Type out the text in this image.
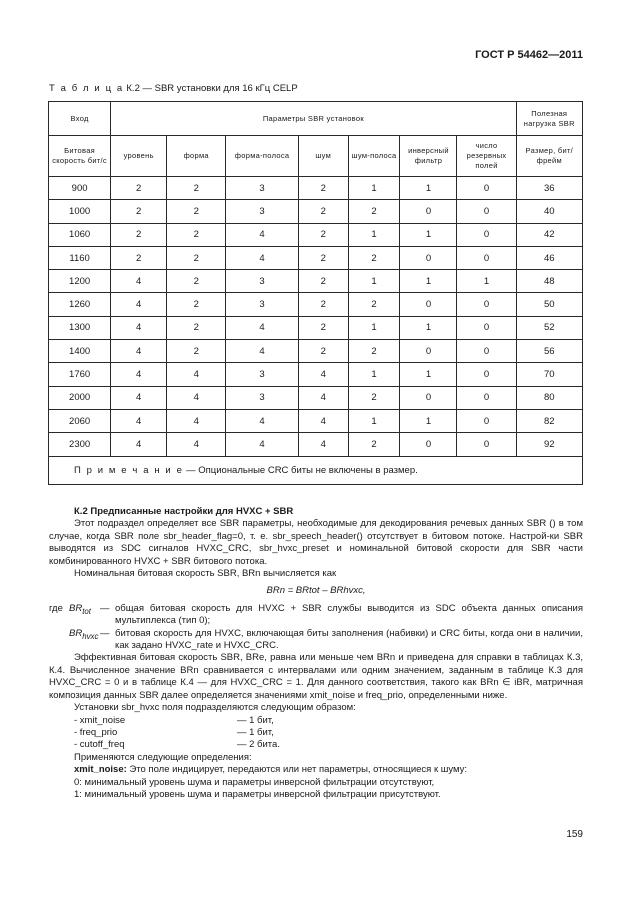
ГОСТ Р 54462—2011
Т а б л и ц а К.2 — SBR установки для 16 кГц CELP
Вход	Параметры SBR установок							Полезная нагрузка SBR
Битовая скорость бит/с	уровень	форма	форма-полоса	шум	шум-полоса	инверсный фильтр	число резервных полей	Размер, бит/фрейм
900	2	2	3	2	1	1	0	36
1000	2	2	3	2	2	0	0	40
1060	2	2	4	2	1	1	0	42
1160	2	2	4	2	2	0	0	46
1200	4	2	3	2	1	1	1	48
1260	4	2	3	2	2	0	0	50
1300	4	2	4	2	1	1	0	52
1400	4	2	4	2	2	0	0	56
1760	4	4	3	4	1	1	0	70
2000	4	4	3	4	2	0	0	80
2060	4	4	4	4	1	1	0	82
2300	4	4	4	4	2	0	0	92
П р и м е ч а н и е — Опциональные CRC биты не включены в размер.								

К.2 Предписанные настройки для HVXC + SBR

Этот подраздел определяет все SBR параметры, необходимые для декодирования речевых данных SBR () в том случае, когда SBR поле sbr_header_flag=0, т. е. sbr_speech_header() отсутствует в битовом потоке. Настрой-ки SBR выводятся из SDC сигналов HVXC_CRC, sbr_hvxc_preset и номинальной битовой скорости для SBR части комбинированного HVXC + SBR битового потока.

Номинальная битовая скорость SBR, BRn вычисляется как

BRn = BRtot – BRhvxc,

где $BR_{tot}$ — общая битовая скорость для HVXC + SBR службы выводится из SDC объекта данных описания мультиплекса (тип 0);
$BR_{hvxc}$ — битовая скорость для HVXC, включающая биты заполнения (набивки) и CRC биты, когда они в наличии, как задано HVXC_rate и HVXC_CRC.

Эффективная битовая скорость SBR, BRe, равна или меньше чем BRn и приведена для справки в таблицах К.3, К.4. Вычисленное значение BRn сравнивается с интервалами или одним значением, заданным в таблице К.3 для HVXC_CRC = 0 и в таблице К.4 — для HVXC_CRC = 1. Для данного соответствия, такого как BRn ∈ iBR, матричная композиция данных SBR далее определяется значениями xmit_noise и freq_prio, определенными ниже.

Установки sbr_hvxc поля подразделяются следующим образом:

- xmit_noise	— 1 бит,
- freq_prio	— 1 бит,
- cutoff_freq	— 2 бита.

Применяются следующие определения:

xmit_noise: Это поле индицирует, передаются или нет параметры, относящиеся к шуму:

0: минимальный уровень шума и параметры инверсной фильтрации отсутствуют,

1: минимальный уровень шума и параметры инверсной фильтрации присутствуют.

159
